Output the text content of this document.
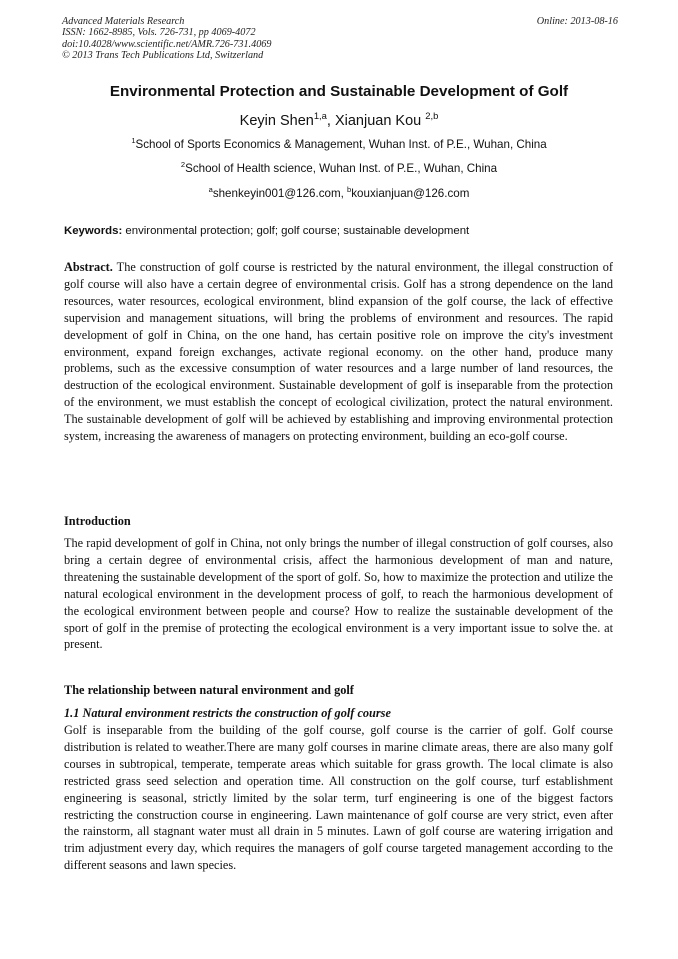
Advanced Materials Research
ISSN: 1662-8985, Vols. 726-731, pp 4069-4072
doi:10.4028/www.scientific.net/AMR.726-731.4069
© 2013 Trans Tech Publications Ltd, Switzerland
Online: 2013-08-16
Environmental Protection and Sustainable Development of Golf
Keyin Shen$^{1,a}$, Xianjuan Kou $^{2,b}$
$^1$School of Sports Economics & Management, Wuhan Inst. of P.E., Wuhan, China
$^2$School of Health science, Wuhan Inst. of P.E., Wuhan, China
$^a$shenkeyin001@126.com, $^b$kouxianjuan@126.com
Keywords: environmental protection; golf; golf course; sustainable development

Abstract. The construction of golf course is restricted by the natural environment, the illegal construction of golf course will also have a certain degree of environmental crisis. Golf has a strong dependence on the land resources, water resources, ecological environment, blind expansion of the golf course, the lack of effective supervision and management situations, will bring the problems of environment and resources. The rapid development of golf in China, on the one hand, has certain positive role on improve the city's investment environment, expand foreign exchanges, activate regional economy. on the other hand, produce many problems, such as the excessive consumption of water resources and a large number of land resources, the destruction of the ecological environment. Sustainable development of golf is inseparable from the protection of the environment, we must establish the concept of ecological civilization, protect the natural environment. The sustainable development of golf will be achieved by establishing and improving environmental protection system, increasing the awareness of managers on protecting environment, building an eco-golf course.

Introduction

The rapid development of golf in China, not only brings the number of illegal construction of golf courses, also bring a certain degree of environmental crisis, affect the harmonious development of man and nature, threatening the sustainable development of the sport of golf. So, how to maximize the protection and utilize the natural ecological environment in the development process of golf, to reach the harmonious development of the ecological environment between people and course? How to realize the sustainable development of the sport of golf in the premise of protecting the ecological environment is a very important issue to solve the. at present.

The relationship between natural environment and golf
1.1 Natural environment restricts the construction of golf course

Golf is inseparable from the building of the golf course, golf course is the carrier of golf. Golf course distribution is related to weather.There are many golf courses in marine climate areas, there are also many golf courses in subtropical, temperate, temperate areas which suitable for grass growth. The local climate is also restricted grass seed selection and operation time. All construction on the golf course, turf establishment engineering is seasonal, strictly limited by the solar term, turf engineering is one of the biggest factors restricting the construction course in engineering. Lawn maintenance of golf course are very strict, even after the rainstorm, all stagnant water must all drain in 5 minutes. Lawn of golf course are watering irrigation and trim adjustment every day, which requires the managers of golf course targeted management according to the different seasons and lawn species.
